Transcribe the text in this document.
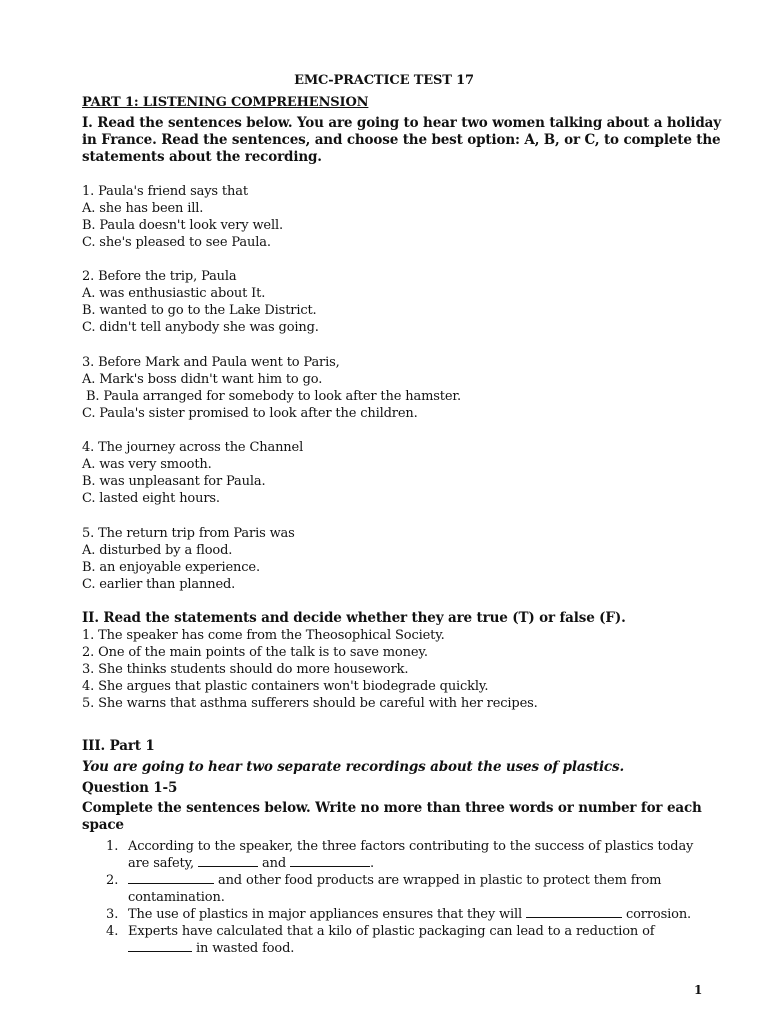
EMC-PRACTICE TEST 17
PART 1: LISTENING COMPREHENSION
I. Read the sentences below. You are going to hear two women talking about a holiday
in France. Read the sentences, and choose the best option: A, B, or C, to complete the
statements about the recording.
1. Paula's friend says that
A. she has been ill.
B. Paula doesn't look very well.
C. she's pleased to see Paula.
2. Before the trip, Paula
A. was enthusiastic about It.
B. wanted to go to the Lake District.
C. didn't tell anybody she was going.
3. Before Mark and Paula went to Paris,
A. Mark's boss didn't want him to go.
B. Paula arranged for somebody to look after the hamster.
C. Paula's sister promised to look after the children.
4. The journey across the Channel
A. was very smooth.
B. was unpleasant for Paula.
C. lasted eight hours.
5. The return trip from Paris was
A. disturbed by a flood.
B. an enjoyable experience.
C. earlier than planned.
II. Read the statements and decide whether they are true (T) or false (F).
1. The speaker has come from the Theosophical Society.
2. One of the main points of the talk is to save money.
3. She thinks students should do more housework.
4. She argues that plastic containers won't biodegrade quickly.
5. She warns that asthma sufferers should be careful with her recipes.
III. Part 1
You are going to hear two separate recordings about the uses of plastics.
Question 1-5
Complete the sentences below. Write no more than three words or number for each
space
1. According to the speaker, the three factors contributing to the success of plastics today
are safety,	and	.
2.	and other food products are wrapped in plastic to protect them from
contamination.
3. The use of plastics in major appliances ensures that they will	corrosion.
4. Experts have calculated that a kilo of plastic packaging can lead to a reduction of
in wasted food.
1
